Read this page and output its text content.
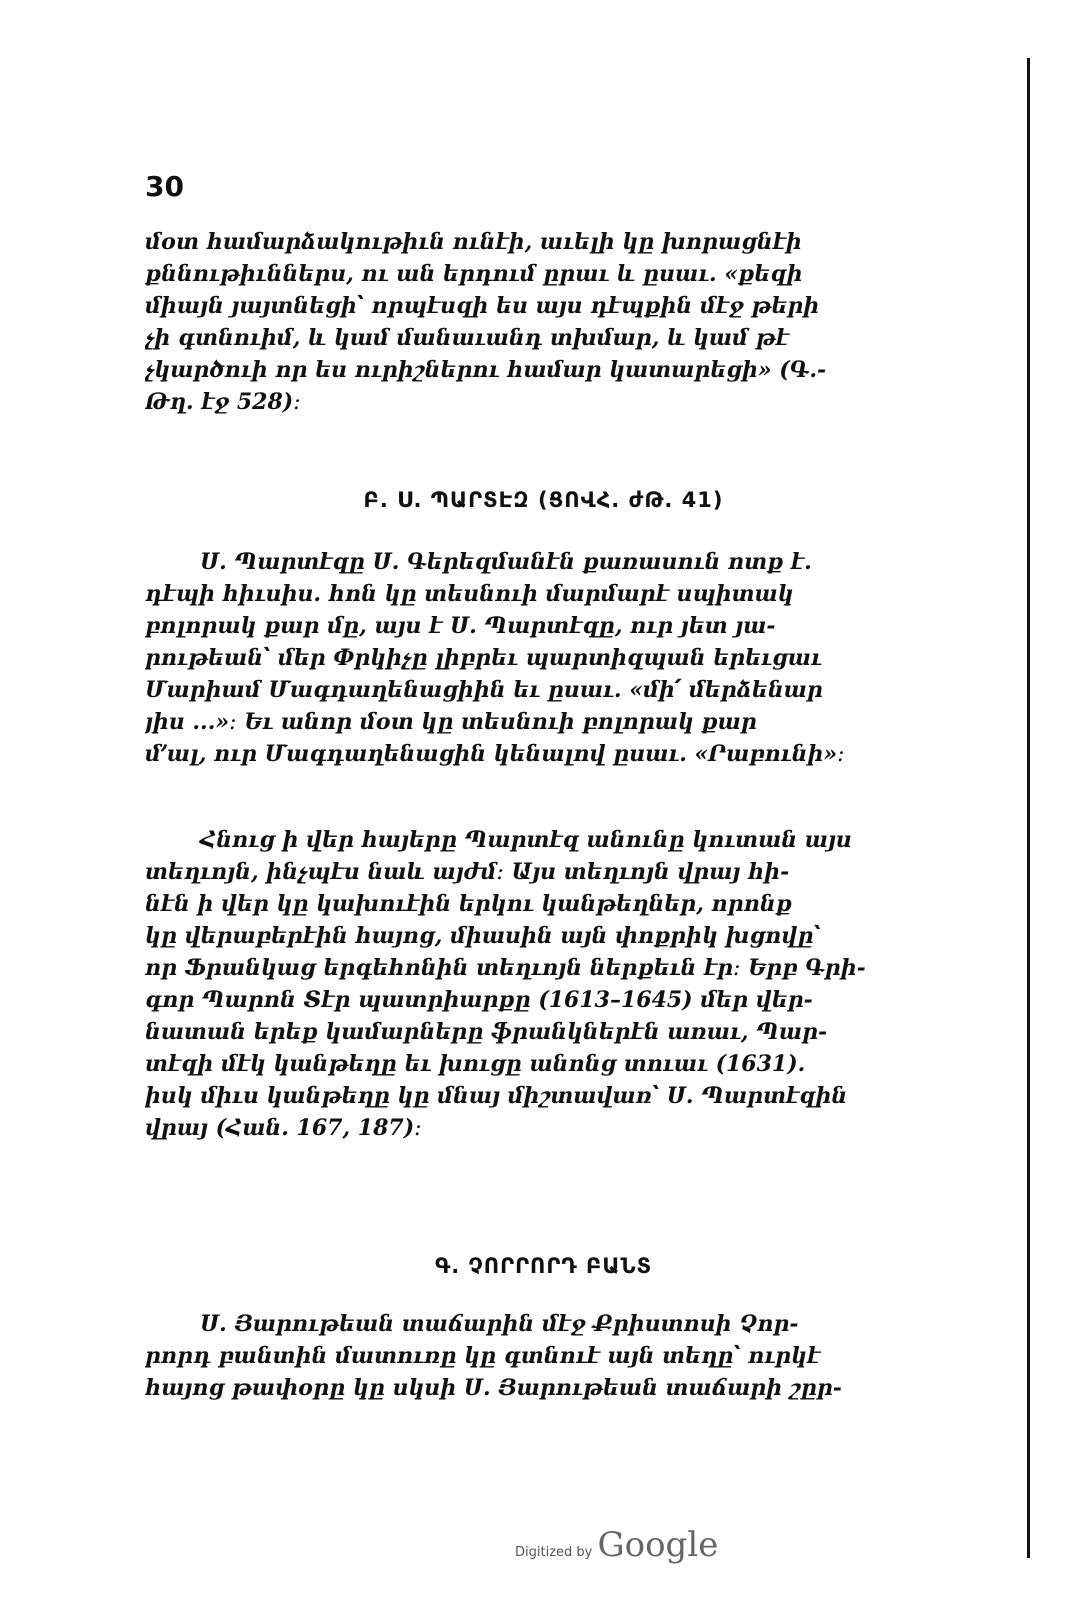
30
մօտ համարձակութիւն ունէի, աւելի կը խորացնէի
քննութիւններս, ու ան երդում ըրաւ և ըսաւ. «քեզի
միայն յայտնեցի՝ որպէսզի ես այս դէպքին մէջ թերի
չի գտնուիմ, և կամ մանաւանդ տխմար, և կամ թէ
չկարծուի որ ես ուրիշներու համար կատարեցի» (Գ.-
Թղ. էջ 528)։
Բ. Ս. ՊԱՐՏԷԶ (ՑՈՎՀ. ժԹ. 41)
Ս. Պարտէզը Ս. Գերեզմանէն քառասուն ոտք է.
դէպի հիւսիս. հոն կը տեսնուի մարմարէ սպիտակ
բոլորակ քար մը, այս է Ս. Պարտէզը, ուր յետ յա-
րութեան՝ մեր Փրկիչը լիբրեւ պարտիզպան երեւցաւ
Մարիամ Մագդաղենացիին եւ ըսաւ. «մի՛ մերձենար
յիս ...»։ Եւ անոր մօտ կը տեսնուի բոլորակ քար
մ՚ալ, ուր Մագդաղենացին կենալով ըսաւ. «Րաբունի»։
Հնուց ի վեր հայերը Պարտէզ անունը կուտան այս
տեղւոյն, ինչպէս նաև այժմ։ Այս տեղւոյն վրայ հի-
նէն ի վեր կը կախուէին երկու կանթեղներ, որոնք
կը վերաբերէին հայոց, միասին այն փոքրիկ խցովը՝
որ Ֆրանկաց երգեհոնին տեղւոյն ներքեւն էր։ Երբ Գրի-
գոր Պարոն Տէր պատրիարքը (1613–1645) մեր վեր-
նատան երեք կամարները ֆրանկներէն առաւ, Պար-
տէզի մէկ կանթեղը եւ խուցը անոնց տուաւ (1631).
իսկ միւս կանթեղը կը մնայ միշտավառ՝ Ս. Պարտէզին
վրայ (Հան. 167, 187)։
Գ. ՉՈՐՐՈՐԴ ԲԱՆՏ
Ս. Յարութեան տաճարին մէջ Քրիստոսի Չոր-
րորդ բանտին մատուռը կը գտնուէ այն տեղը՝ ուրկէ
հայոց թափօրը կը սկսի Ս. Յարութեան տաճարի շըր-
Digitized by Google
